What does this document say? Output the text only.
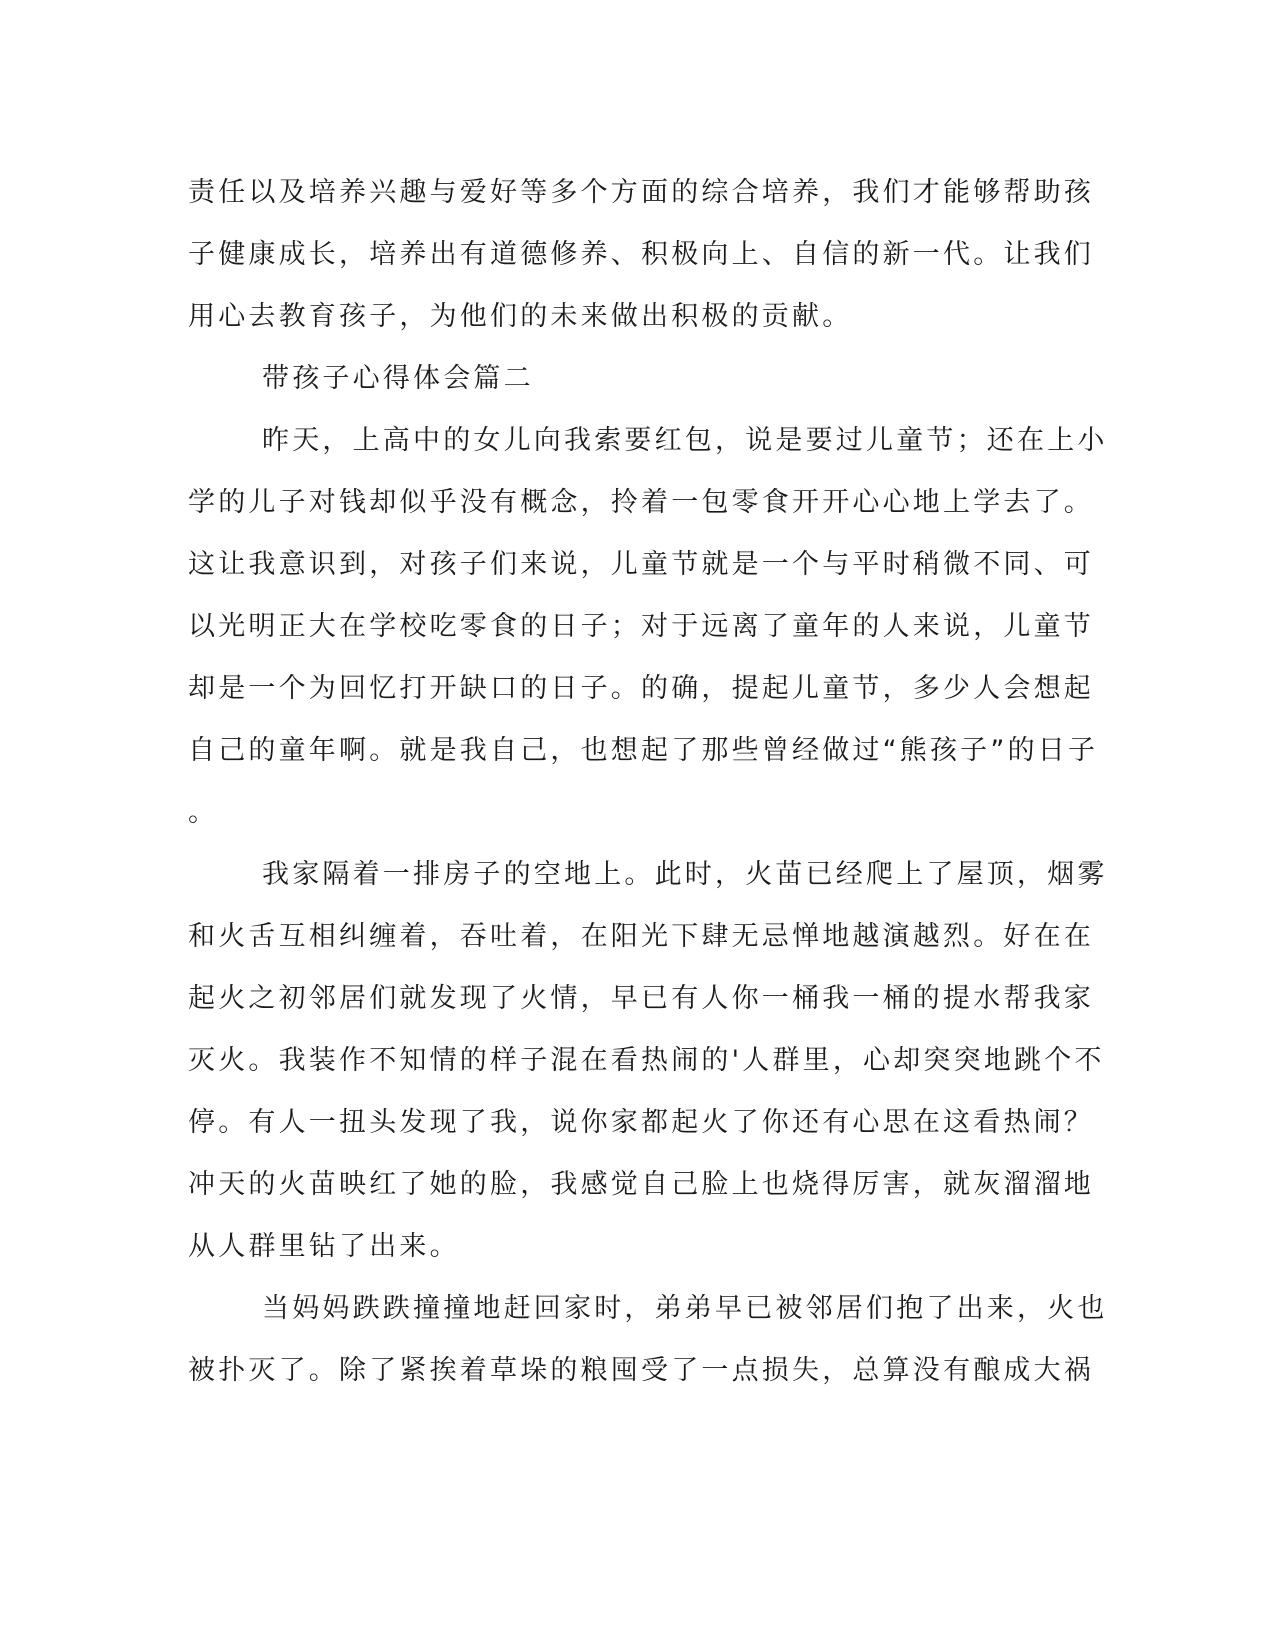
责任以及培养兴趣与爱好等多个方面的综合培养，我们才能够帮助孩
子健康成长，培养出有道德修养、积极向上、自信的新一代。让我们
用心去教育孩子，为他们的未来做出积极的贡献。
带孩子心得体会篇二
昨天，上高中的女儿向我索要红包，说是要过儿童节；还在上小
学的儿子对钱却似乎没有概念，拎着一包零食开开心心地上学去了。
这让我意识到，对孩子们来说，儿童节就是一个与平时稍微不同、可
以光明正大在学校吃零食的日子；对于远离了童年的人来说，儿童节
却是一个为回忆打开缺口的日子。的确，提起儿童节，多少人会想起
自己的童年啊。就是我自己，也想起了那些曾经做过“熊孩子”的日子
。
我家隔着一排房子的空地上。此时，火苗已经爬上了屋顶，烟雾
和火舌互相纠缠着，吞吐着，在阳光下肆无忌惮地越演越烈。好在在
起火之初邻居们就发现了火情，早已有人你一桶我一桶的提水帮我家
灭火。我装作不知情的样子混在看热闹的'人群里，心却突突地跳个不
停。有人一扭头发现了我，说你家都起火了你还有心思在这看热闹？
冲天的火苗映红了她的脸，我感觉自己脸上也烧得厉害，就灰溜溜地
从人群里钻了出来。
当妈妈跌跌撞撞地赶回家时，弟弟早已被邻居们抱了出来，火也
被扑灭了。除了紧挨着草垛的粮囤受了一点损失，总算没有酿成大祸
